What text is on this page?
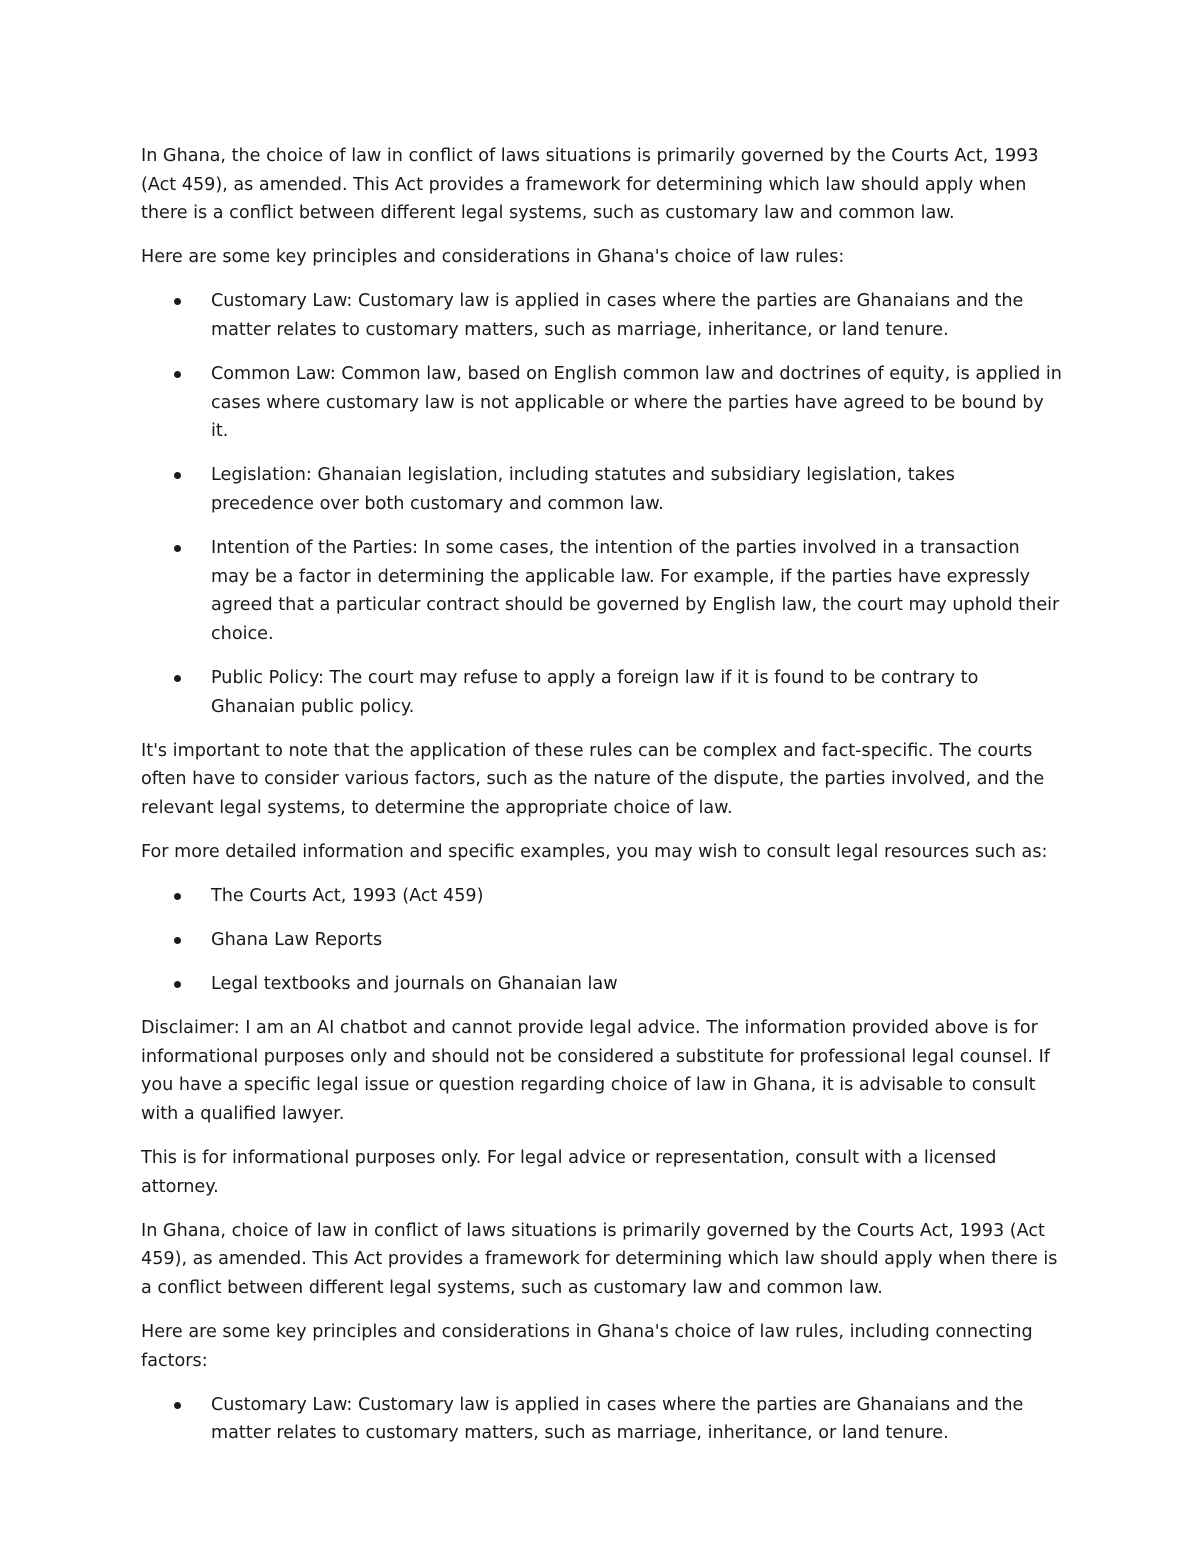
In Ghana, the choice of law in conflict of laws situations is primarily governed by the Courts Act, 1993 (Act 459), as amended. This Act provides a framework for determining which law should apply when there is a conflict between different legal systems, such as customary law and common law.

Here are some key principles and considerations in Ghana's choice of law rules:

Customary Law: Customary law is applied in cases where the parties are Ghanaians and the matter relates to customary matters, such as marriage, inheritance, or land tenure.
Common Law: Common law, based on English common law and doctrines of equity, is applied in cases where customary law is not applicable or where the parties have agreed to be bound by it.
Legislation: Ghanaian legislation, including statutes and subsidiary legislation, takes precedence over both customary and common law.
Intention of the Parties: In some cases, the intention of the parties involved in a transaction may be a factor in determining the applicable law. For example, if the parties have expressly agreed that a particular contract should be governed by English law, the court may uphold their choice.
Public Policy: The court may refuse to apply a foreign law if it is found to be contrary to Ghanaian public policy.

It's important to note that the application of these rules can be complex and fact-specific. The courts often have to consider various factors, such as the nature of the dispute, the parties involved, and the relevant legal systems, to determine the appropriate choice of law.

For more detailed information and specific examples, you may wish to consult legal resources such as:

The Courts Act, 1993 (Act 459)
Ghana Law Reports
Legal textbooks and journals on Ghanaian law

Disclaimer: I am an AI chatbot and cannot provide legal advice. The information provided above is for informational purposes only and should not be considered a substitute for professional legal counsel. If you have a specific legal issue or question regarding choice of law in Ghana, it is advisable to consult with a qualified lawyer.

This is for informational purposes only. For legal advice or representation, consult with a licensed attorney.

In Ghana, choice of law in conflict of laws situations is primarily governed by the Courts Act, 1993 (Act 459), as amended. This Act provides a framework for determining which law should apply when there is a conflict between different legal systems, such as customary law and common law.

Here are some key principles and considerations in Ghana's choice of law rules, including connecting factors:

Customary Law: Customary law is applied in cases where the parties are Ghanaians and the matter relates to customary matters, such as marriage, inheritance, or land tenure.
